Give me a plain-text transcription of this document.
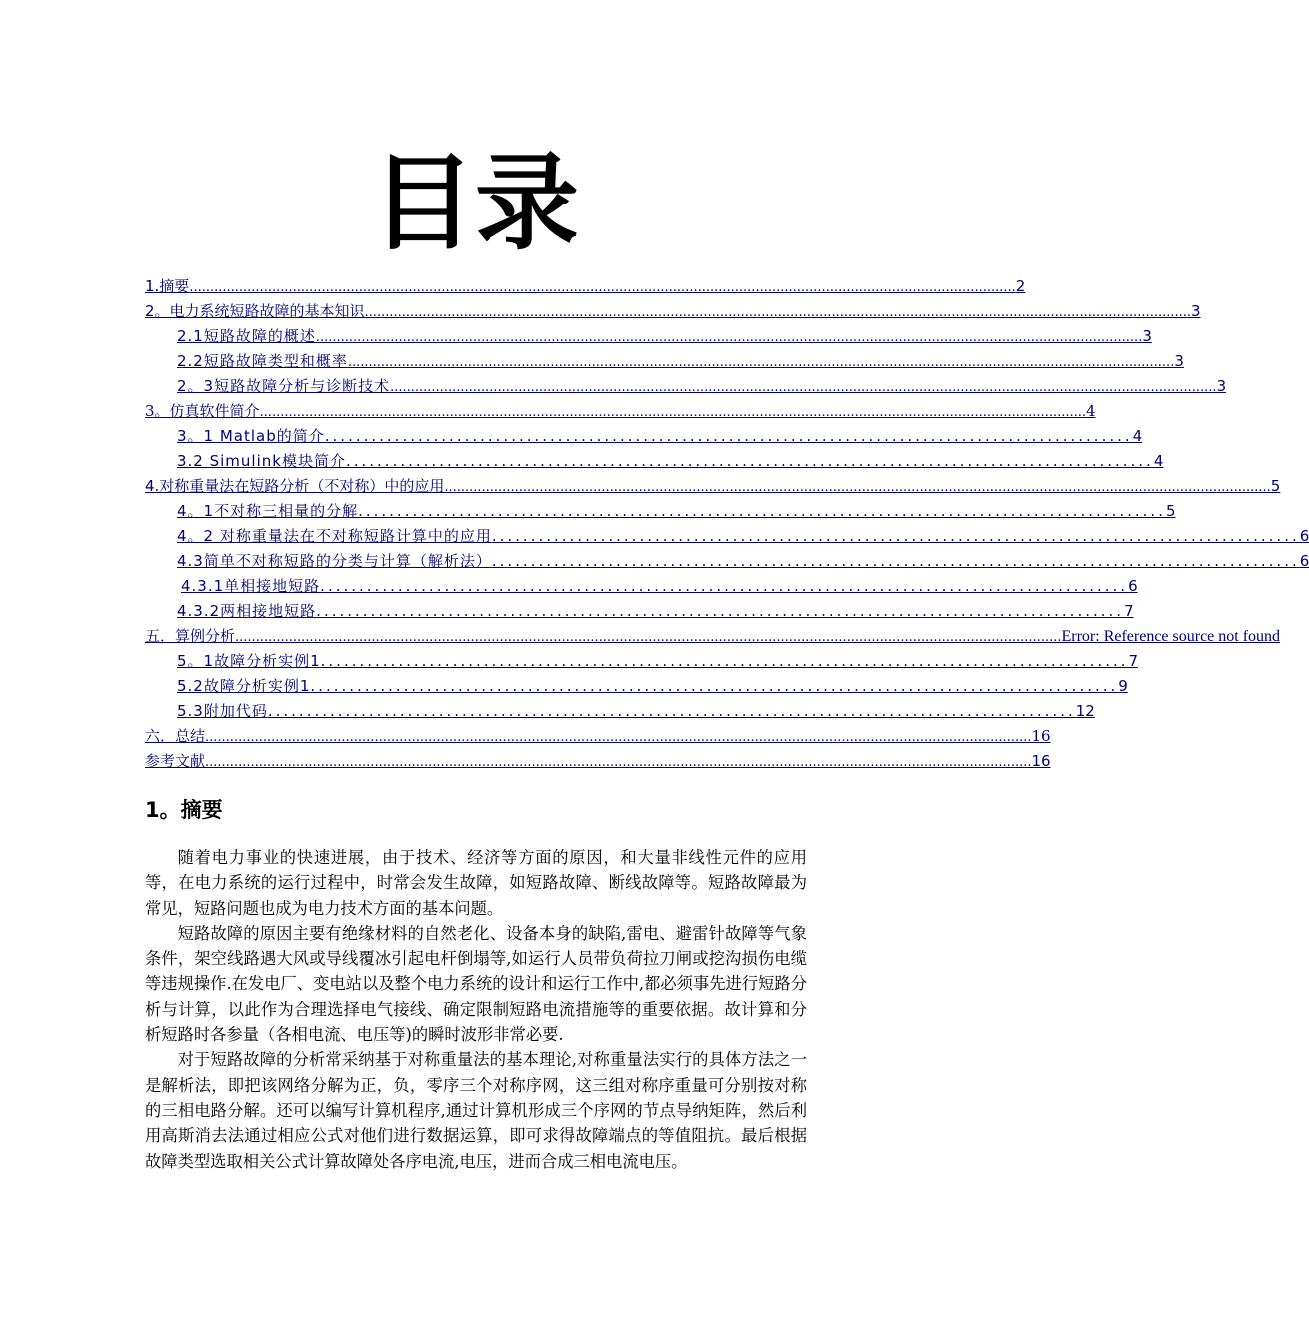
目录
1.摘要 ........................................................................................................................................................................................................ 2
2。电力系统短路故障的基本知识 ........................................................................................................................................................................................................ 3
2.1短路故障的概述 ........................................................................................................................................................................................................ 3
2.2短路故障类型和概率 ........................................................................................................................................................................................................ 3
2。3短路故障分析与诊断技术 ........................................................................................................................................................................................................ 3
3。仿真软件简介 ........................................................................................................................................................................................................ 4
3。1 Matlab的简介 ........................................................................................................ 4
3.2 Simulink模块简介 ........................................................................................................ 4
4.对称重量法在短路分析（不对称）中的应用 ........................................................................................................................................................................................................ 5
4。1不对称三相量的分解 ........................................................................................................ 5
4。2 对称重量法在不对称短路计算中的应用 ........................................................................................................ 6
4.3简单不对称短路的分类与计算（解析法） ........................................................................................................ 6
4.3.1单相接地短路 ........................................................................................................ 6
4.3.2两相接地短路 ........................................................................................................ 7
五．算例分析 ........................................................................................................................................................................................................ Error: Reference source not found
5。1故障分析实例1 ........................................................................................................ 7
5.2故障分析实例1 ........................................................................................................ 9
5.3附加代码 ........................................................................................................ 12
六．总结 ........................................................................................................................................................................................................ 16
参考文献 ........................................................................................................................................................................................................ 16
1。摘要

随着电力事业的快速进展，由于技术、经济等方面的原因，和大量非线性元件的应用等，在电力系统的运行过程中，时常会发生故障，如短路故障、断线故障等。短路故障最为常见，短路问题也成为电力技术方面的基本问题。

短路故障的原因主要有绝缘材料的自然老化、设备本身的缺陷,雷电、避雷针故障等气象条件，架空线路遇大风或导线覆冰引起电杆倒塌等,如运行人员带负荷拉刀闸或挖沟损伤电缆等违规操作.在发电厂、变电站以及整个电力系统的设计和运行工作中,都必须事先进行短路分析与计算，以此作为合理选择电气接线、确定限制短路电流措施等的重要依据。故计算和分析短路时各参量（各相电流、电压等)的瞬时波形非常必要.

对于短路故障的分析常采纳基于对称重量法的基本理论,对称重量法实行的具体方法之一是解析法，即把该网络分解为正，负，零序三个对称序网，这三组对称序重量可分别按对称的三相电路分解。还可以编写计算机程序,通过计算机形成三个序网的节点导纳矩阵，然后利用高斯消去法通过相应公式对他们进行数据运算，即可求得故障端点的等值阻抗。最后根据故障类型选取相关公式计算故障处各序电流,电压，进而合成三相电流电压。
